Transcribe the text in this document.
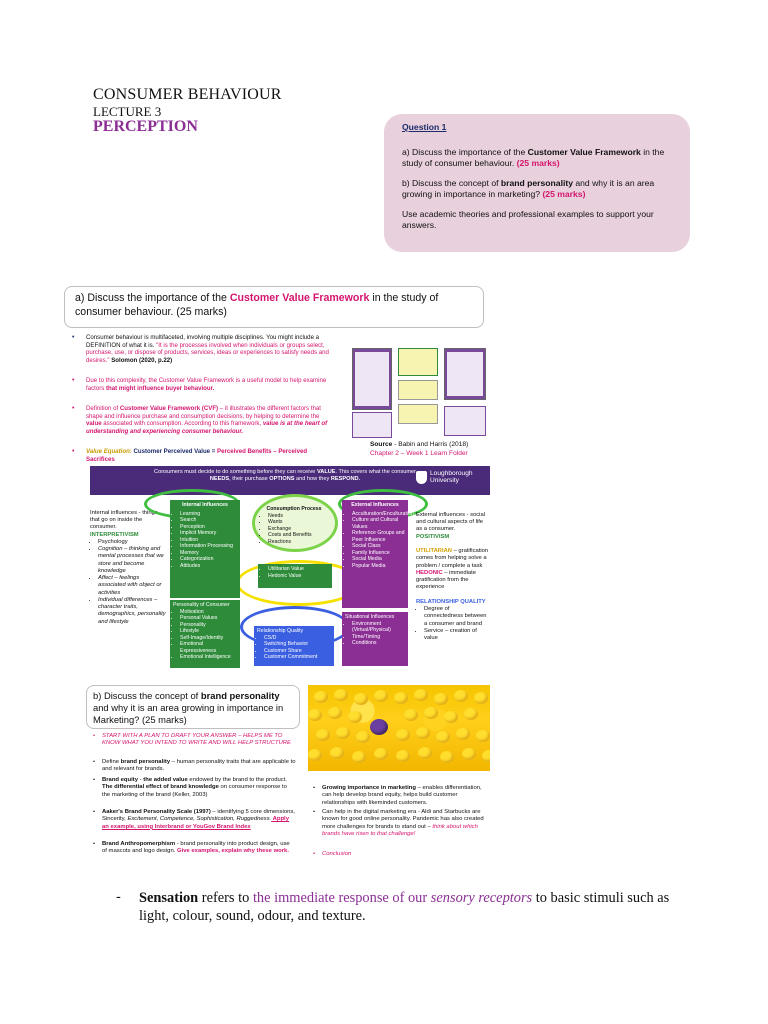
CONSUMER BEHAVIOUR
LECTURE 3
PERCEPTION	Question 1

a) Discuss the importance of the Customer Value Framework in the study of consumer behaviour. (25 marks)

b) Discuss the concept of brand personality and why it is an area growing in importance in marketing? (25 marks)

Use academic theories and professional examples to support your answers.

a) Discuss the importance of the Customer Value Framework in the study of consumer behaviour. (25 marks)
• Consumer behaviour is multifaceted, involving multiple disciplines. You might include a DEFINITION of what it is. "It is the processes involved when individuals or groups select, purchase, use, or dispose of products, services, ideas or experiences to satisfy needs and desires." Solomon (2020, p.22)
• Due to this complexity, the Customer Value Framework is a useful model to help examine factors that might influence buyer behaviour.
• Definition of Customer Value Framework (CVF) – it illustrates the different factors that shape and influence purchase and consumption decisions, by helping to determine the value associated with consumption. According to this framework, value is at the heart of understanding and experiencing consumer behaviour.
• Value Equation: Customer Perceived Value = Perceived Benefits – Perceived Sacrifices
Source - Babin and Harris (2018)
Chapter 2 – Week 1 Learn Folder
Consumers must decide to do something before they can receive VALUE. This covers what the consumer NEEDS, their purchase OPTIONS and how they RESPOND.
Loughborough
University
Internal influences - things that go on inside the consumer.
INTERPRETIVISM
• Psychology
• Cognition – thinking and mental processes that we store and become knowledge
• Affect – feelings associated with object or activities
• Individual differences – character traits, demographics, personality and lifestyle
Internal Influences
• Learning
• Search
• Perception
• Implicit Memory
• Intuition
• Information Processing
• Memory
• Categorization
• Attitudes
Personality of Consumer
• Motivation
• Personal Values
• Personality
• Lifestyle
• Self-Image/Identity
• Emotional Expressiveness
• Emotional Intelligence
Consumption Process
• Needs
• Wants
• Exchange
• Costs and Benefits
• Reactions
• Utilitarian Value
• Hedonic Value
Relationship Quality
• CS/D
• Switching Behavior
• Customer Share
• Customer Commitment
External Influences
• Acculturation/Enculturation
• Culture and Cultural Values
• Reference Groups and Peer Influence
• Social Class
• Family Influence
• Social Media
• Popular Media
Situational Influences
• Environment (Virtual/Physical)
• Time/Timing
• Conditions
External influences - social and cultural aspects of life as a consumer.
POSITIVISM

UTILITARIAN – gratification comes from helping solve a problem / complete a task
HEDONIC – immediate gratification from the experience

RELATIONSHIP QUALITY
• Degree of connectedness between a consumer and brand
• Service – creation of value
b) Discuss the concept of brand personality and why it is an area growing in importance in Marketing? (25 marks)
• START WITH A PLAN TO DRAFT YOUR ANSWER – HELPS ME TO KNOW WHAT YOU INTEND TO WRITE AND WILL HELP STRUCTURE
• Define brand personality – human personality traits that are applicable to and relevant for brands.
• Brand equity - the added value endowed by the brand to the product. The differential effect of brand knowledge on consumer response to the marketing of the brand (Keller, 2003)
• Aaker's Brand Personality Scale (1997) – identifying 5 core dimensions, Sincerity, Excitement, Competence, Sophistication, Ruggedness. Apply an example, using Interbrand or YouGov Brand Index
• Brand Anthropomerphism - brand personality into product design, use of mascots and logo design. Give examples, explain why these work.
• Growing importance in marketing – enables differentiation, can help develop brand equity, helps build customer relationships with likeminded customers.
• Can help in the digital marketing era - Aldi and Starbucks are known for good online personality. Pandemic has also created more challenges for brands to stand out – think about which brands have risen to that challenge!
• Conclusion
- Sensation refers to the immediate response of our sensory receptors to basic stimuli such as light, colour, sound, odour, and texture.
